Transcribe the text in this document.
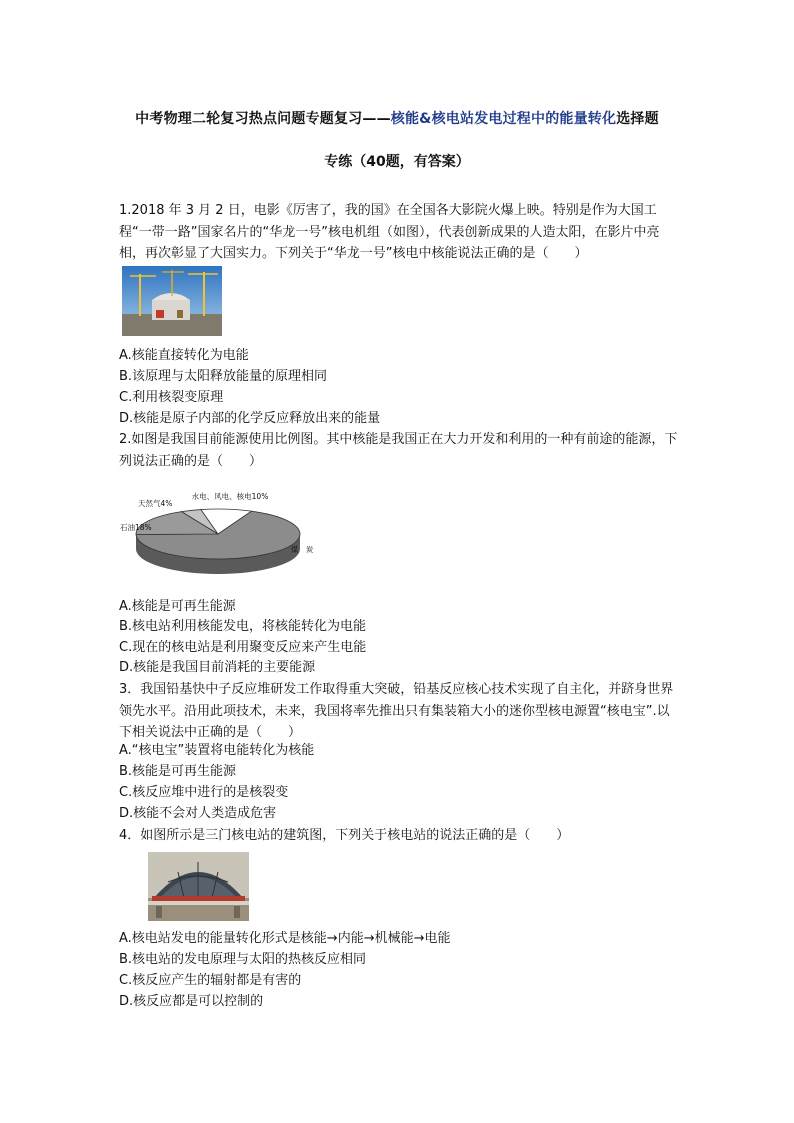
中考物理二轮复习热点问题专题复习——核能&核电站发电过程中的能量转化选择题
专练（40题，有答案）
1.2018 年 3 月 2 日，电影《厉害了，我的国》在全国各大影院火爆上映。特别是作为大国工程“一带一路”国家名片的“华龙一号”核电机组（如图），代表创新成果的人造太阳，在影片中亮相，再次彰显了大国实力。下列关于“华龙一号”核电中核能说法正确的是（　　）
A.核能直接转化为电能
B.该原理与太阳释放能量的原理相同
C.利用核裂变原理
D.核能是原子内部的化学反应释放出来的能量
2.如图是我国目前能源使用比例图。其中核能是我国正在大力开发和利用的一种有前途的能源，下列说法正确的是（　　）
煤　炭
石油18%
天然气4%
水电、风电、核电10%
A.核能是可再生能源
B.核电站利用核能发电，将核能转化为电能
C.现在的核电站是利用聚变反应来产生电能
D.核能是我国目前消耗的主要能源
3．我国铅基快中子反应堆研发工作取得重大突破，铅基反应核心技术实现了自主化，并跻身世界领先水平。沿用此项技术，未来，我国将率先推出只有集装箱大小的迷你型核电源置“核电宝”.以下相关说法中正确的是（　　）
A.“核电宝”装置将电能转化为核能
B.核能是可再生能源
C.核反应堆中进行的是核裂变
D.核能不会对人类造成危害
4．如图所示是三门核电站的建筑图，下列关于核电站的说法正确的是（　　）
A.核电站发电的能量转化形式是核能→内能→机械能→电能
B.核电站的发电原理与太阳的热核反应相同
C.核反应产生的辐射都是有害的
D.核反应都是可以控制的
